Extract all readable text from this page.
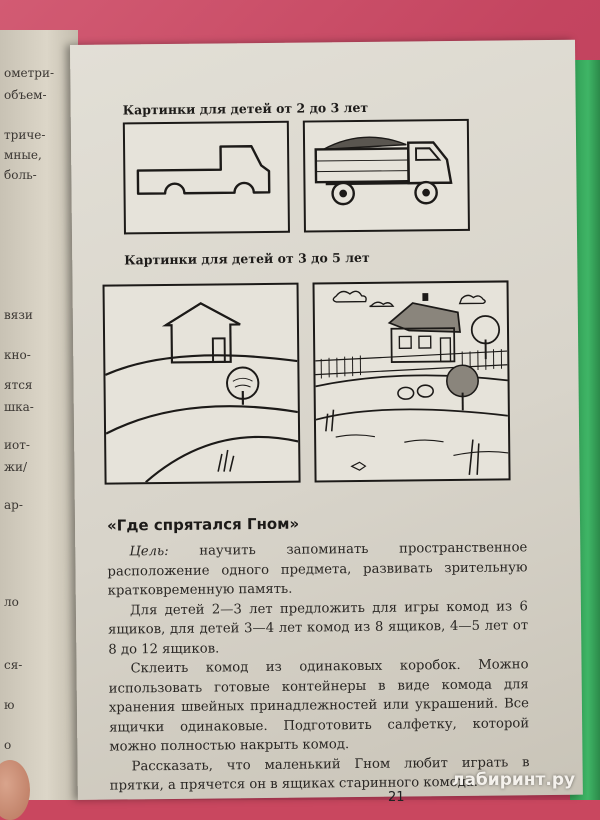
ометри-
объем-
триче-
мные,
боль-
вязи
кно-
ятся
шка-
иот-
жи/
ар-
ло
ся-
ю
о
Картинки для детей от 2 до 3 лет
Картинки для детей от 3 до 5 лет
«Где спрятался Гном»

Цель: научить запоминать пространственное расположение одного предмета, развивать зрительную кратковременную память.

Для детей 2—3 лет предложить для игры комод из 6 ящиков, для детей 3—4 лет комод из 8 ящиков, 4—5 лет от 8 до 12 ящиков.

Склеить комод из одинаковых коробок. Можно использовать готовые контейнеры в виде комода для хранения швейных принадлежностей или украшений. Все ящички одинаковые. Подготовить салфетку, которой можно полностью накрыть комод.

Рассказать, что маленький Гном любит играть в прятки, а прячется он в ящиках старинного комода.

лабиринт.ру
21
